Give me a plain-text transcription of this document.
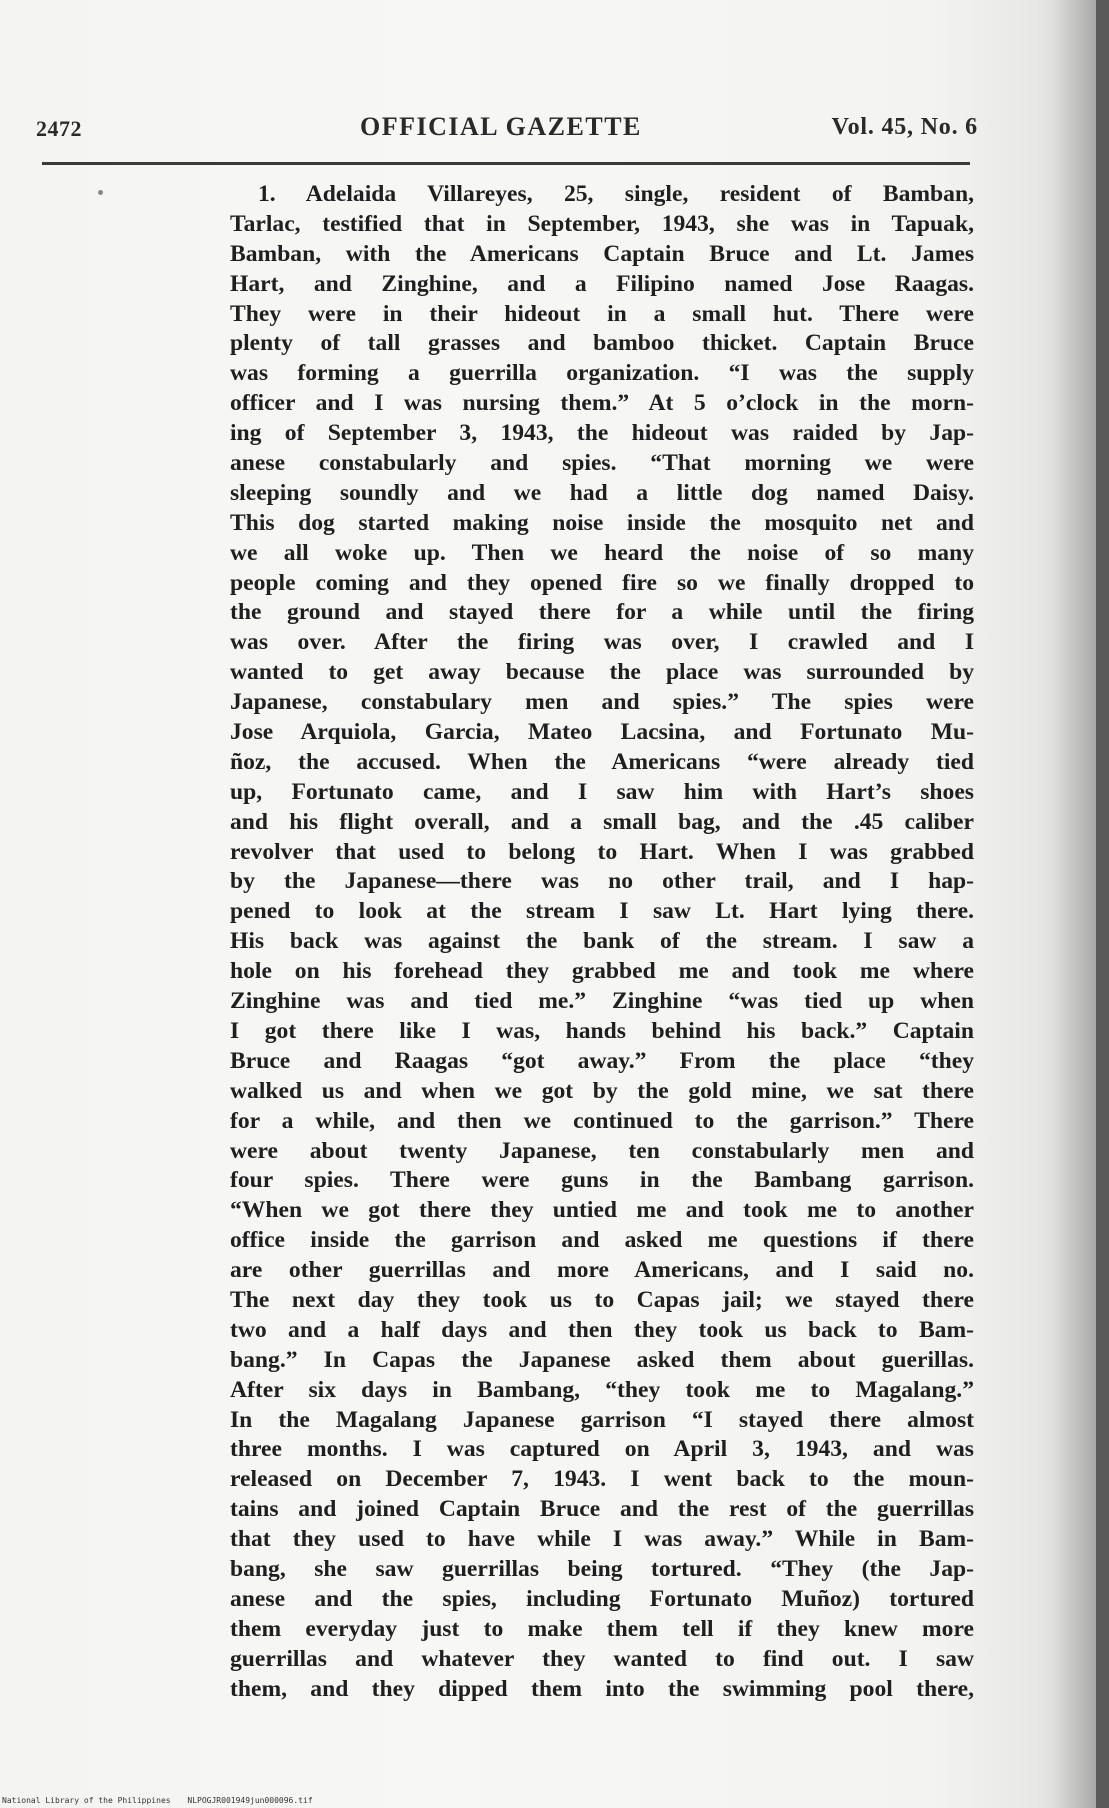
2472	OFFICIAL GAZETTE	Vol. 45, No. 6

1. Adelaida Villareyes, 25, single, resident of Bamban,

Tarlac, testified that in September, 1943, she was in Tapuak,

Bamban, with the Americans Captain Bruce and Lt. James

Hart, and Zinghine, and a Filipino named Jose Raagas.

They were in their hideout in a small hut. There were

plenty of tall grasses and bamboo thicket. Captain Bruce

was forming a guerrilla organization. “I was the supply

officer and I was nursing them.” At 5 o’clock in the morn-

ing of September 3, 1943, the hideout was raided by Jap-

anese constabularly and spies. “That morning we were

sleeping soundly and we had a little dog named Daisy.

This dog started making noise inside the mosquito net and

we all woke up. Then we heard the noise of so many

people coming and they opened fire so we finally dropped to

the ground and stayed there for a while until the firing

was over. After the firing was over, I crawled and I

wanted to get away because the place was surrounded by

Japanese, constabulary men and spies.” The spies were

Jose Arquiola, Garcia, Mateo Lacsina, and Fortunato Mu-

ñoz, the accused. When the Americans “were already tied

up, Fortunato came, and I saw him with Hart’s shoes

and his flight overall, and a small bag, and the .45 caliber

revolver that used to belong to Hart. When I was grabbed

by the Japanese—there was no other trail, and I hap-

pened to look at the stream I saw Lt. Hart lying there.

His back was against the bank of the stream. I saw a

hole on his forehead they grabbed me and took me where

Zinghine was and tied me.” Zinghine “was tied up when

I got there like I was, hands behind his back.” Captain

Bruce and Raagas “got away.” From the place “they

walked us and when we got by the gold mine, we sat there

for a while, and then we continued to the garrison.” There

were about twenty Japanese, ten constabularly men and

four spies. There were guns in the Bambang garrison.

“When we got there they untied me and took me to another

office inside the garrison and asked me questions if there

are other guerrillas and more Americans, and I said no.

The next day they took us to Capas jail; we stayed there

two and a half days and then they took us back to Bam-

bang.” In Capas the Japanese asked them about guerillas.

After six days in Bambang, “they took me to Magalang.”

In the Magalang Japanese garrison “I stayed there almost

three months. I was captured on April 3, 1943, and was

released on December 7, 1943. I went back to the moun-

tains and joined Captain Bruce and the rest of the guerrillas

that they used to have while I was away.” While in Bam-

bang, she saw guerrillas being tortured. “They (the Jap-

anese and the spies, including Fortunato Muñoz) tortured

them everyday just to make them tell if they knew more

guerrillas and whatever they wanted to find out. I saw

them, and they dipped them into the swimming pool there,

National Library of the Philippines NLPOGJR001949jun000096.tif
